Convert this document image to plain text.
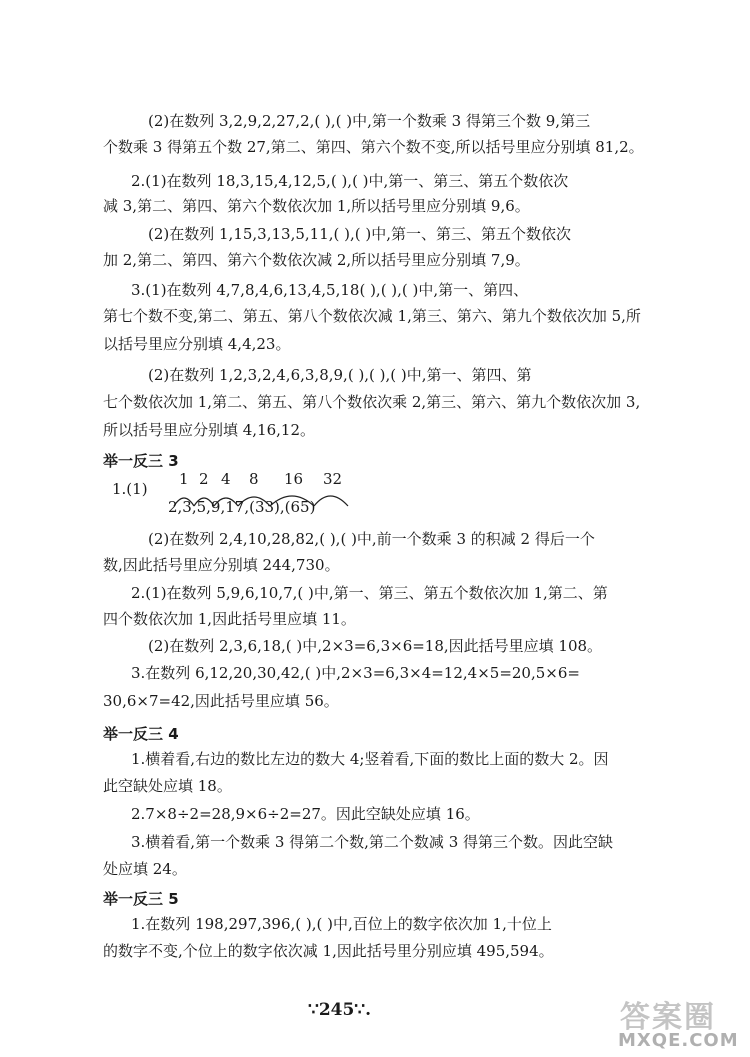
(2)在数列 3,2,9,2,27,2,( ),( )中,第一个数乘 3 得第三个数 9,第三
个数乘 3 得第五个数 27,第二、第四、第六个数不变,所以括号里应分别填 81,2。
2.(1)在数列 18,3,15,4,12,5,( ),( )中,第一、第三、第五个数依次
减 3,第二、第四、第六个数依次加 1,所以括号里应分别填 9,6。
(2)在数列 1,15,3,13,5,11,( ),( )中,第一、第三、第五个数依次
加 2,第二、第四、第六个数依次减 2,所以括号里应分别填 7,9。
3.(1)在数列 4,7,8,4,6,13,4,5,18( ),( ),( )中,第一、第四、
第七个数不变,第二、第五、第八个数依次减 1,第三、第六、第九个数依次加 5,所
以括号里应分别填 4,4,23。
(2)在数列 1,2,3,2,4,6,3,8,9,( ),( ),( )中,第一、第四、第
七个数依次加 1,第二、第五、第八个数依次乘 2,第三、第六、第九个数依次加 3,
所以括号里应分别填 4,16,12。
举一反三 3
1.(1)
1 2 4 8 16 32
2,3,5,9,17,(33),(65)
(2)在数列 2,4,10,28,82,( ),( )中,前一个数乘 3 的积减 2 得后一个
数,因此括号里应分别填 244,730。
2.(1)在数列 5,9,6,10,7,( )中,第一、第三、第五个数依次加 1,第二、第
四个数依次加 1,因此括号里应填 11。
(2)在数列 2,3,6,18,( )中,2×3=6,3×6=18,因此括号里应填 108。
3.在数列 6,12,20,30,42,( )中,2×3=6,3×4=12,4×5=20,5×6=
30,6×7=42,因此括号里应填 56。
举一反三 4
1.横着看,右边的数比左边的数大 4;竖着看,下面的数比上面的数大 2。因
此空缺处应填 18。
2.7×8÷2=28,9×6÷2=27。因此空缺处应填 16。
3.横着看,第一个数乘 3 得第二个数,第二个数减 3 得第三个数。因此空缺
处应填 24。
举一反三 5
1.在数列 198,297,396,( ),( )中,百位上的数字依次加 1,十位上
的数字不变,个位上的数字依次减 1,因此括号里分别应填 495,594。
∵245∵.	答案圈
MXQE.COM
